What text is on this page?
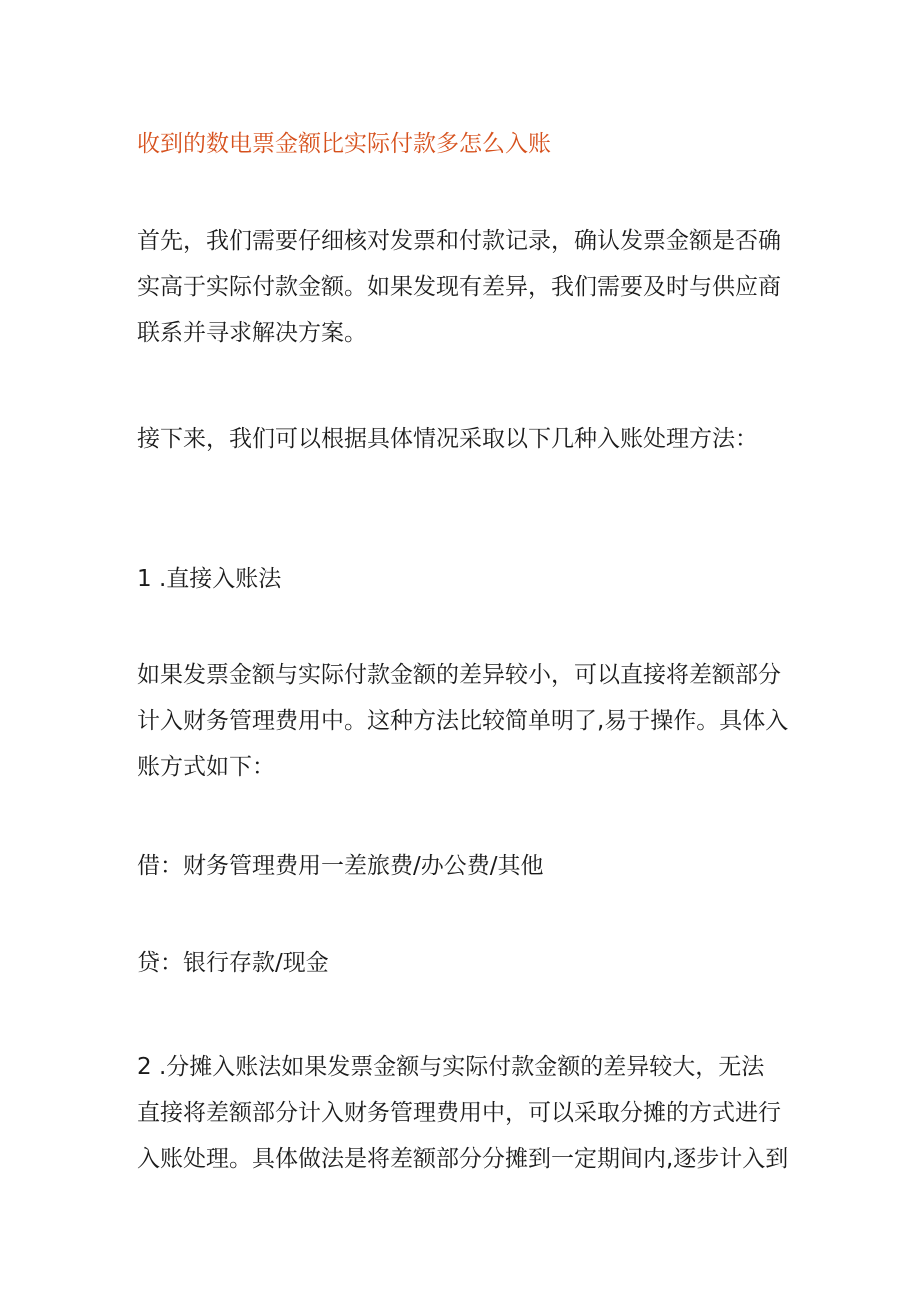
收到的数电票金额比实际付款多怎么入账
首先，我们需要仔细核对发票和付款记录，确认发票金额是否确
实高于实际付款金额。如果发现有差异，我们需要及时与供应商
联系并寻求解决方案。
接下来，我们可以根据具体情况采取以下几种入账处理方法：
1 .直接入账法
如果发票金额与实际付款金额的差异较小，可以直接将差额部分
计入财务管理费用中。这种方法比较简单明了,易于操作。具体入
账方式如下：
借：财务管理费用一差旅费/办公费/其他
贷：银行存款/现金
2 .分摊入账法如果发票金额与实际付款金额的差异较大，无法
直接将差额部分计入财务管理费用中，可以采取分摊的方式进行
入账处理。具体做法是将差额部分分摊到一定期间内,逐步计入到
